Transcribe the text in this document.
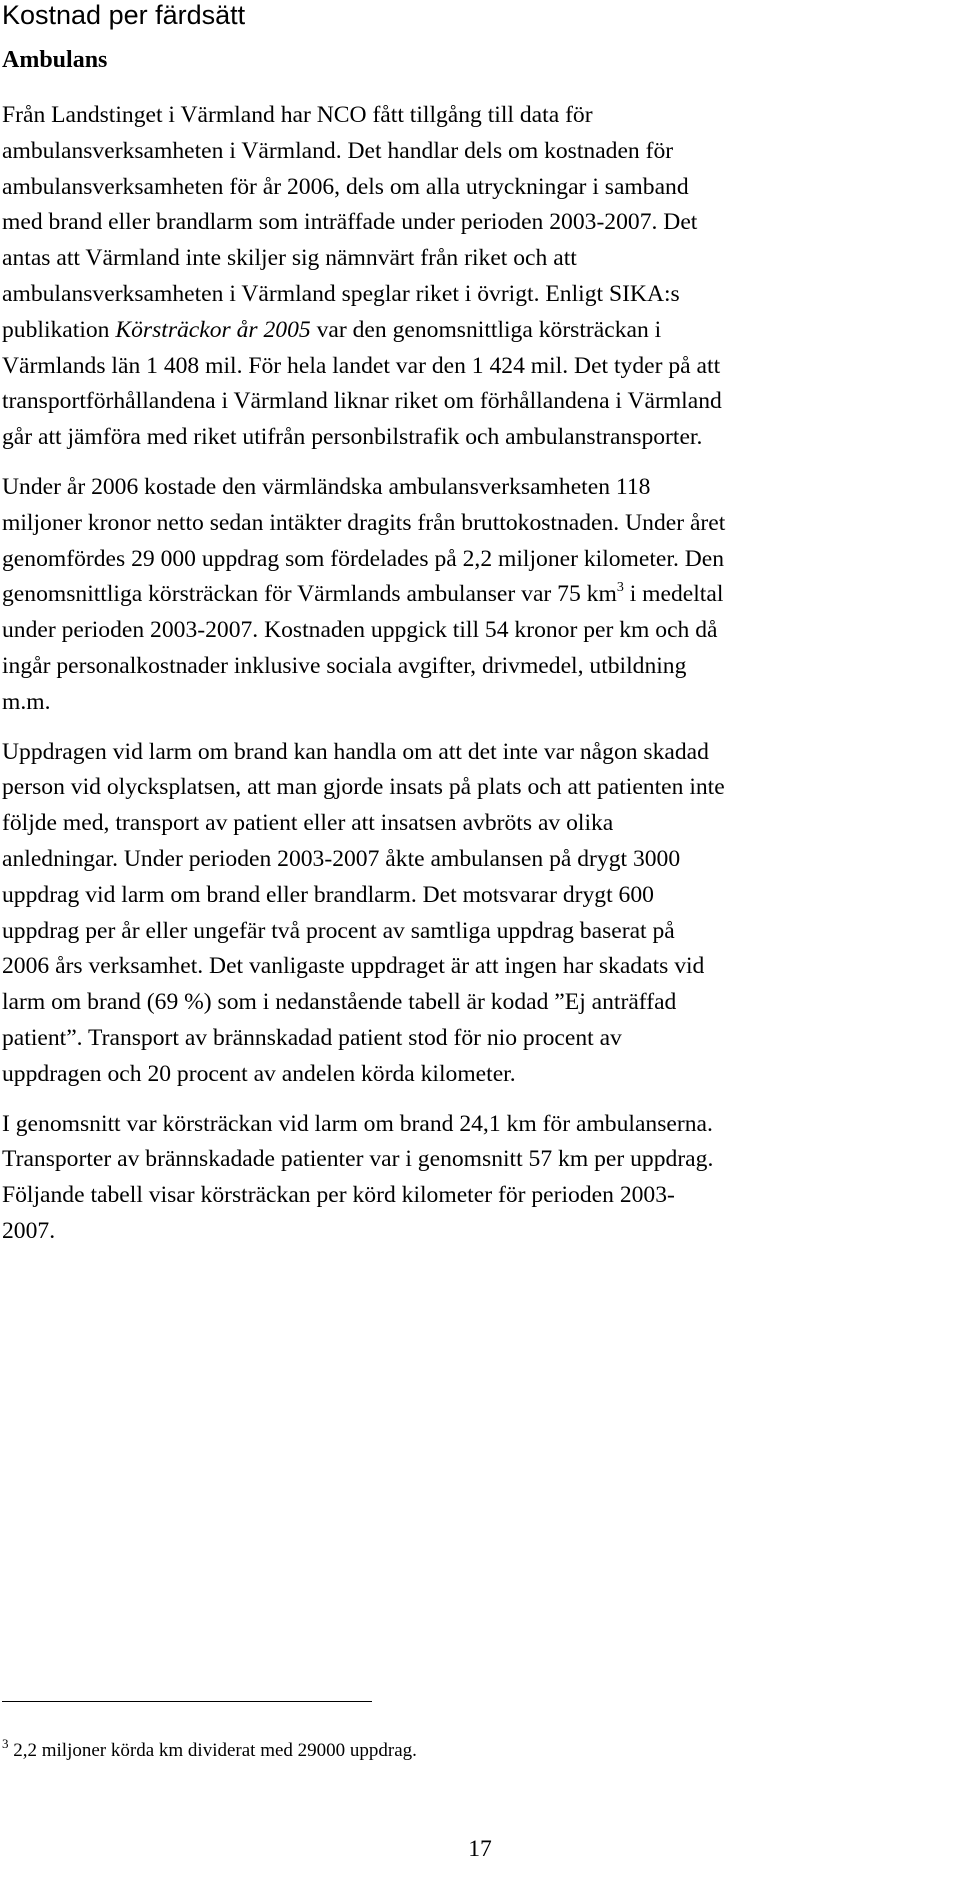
Kostnad per färdsätt
Ambulans

Från Landstinget i Värmland har NCO fått tillgång till data för
ambulansverksamheten i Värmland. Det handlar dels om kostnaden för
ambulansverksamheten för år 2006, dels om alla utryckningar i samband
med brand eller brandlarm som inträffade under perioden 2003-2007. Det
antas att Värmland inte skiljer sig nämnvärt från riket och att
ambulansverksamheten i Värmland speglar riket i övrigt. Enligt SIKA:s
publikation Körsträckor år 2005 var den genomsnittliga körsträckan i
Värmlands län 1 408 mil. För hela landet var den 1 424 mil. Det tyder på att
transportförhållandena i Värmland liknar riket om förhållandena i Värmland
går att jämföra med riket utifrån personbilstrafik och ambulanstransporter.

Under år 2006 kostade den värmländska ambulansverksamheten 118
miljoner kronor netto sedan intäkter dragits från bruttokostnaden. Under året
genomfördes 29 000 uppdrag som fördelades på 2,2 miljoner kilometer. Den
genomsnittliga körsträckan för Värmlands ambulanser var 75 $km^3$ i medeltal
under perioden 2003-2007. Kostnaden uppgick till 54 kronor per km och då
ingår personalkostnader inklusive sociala avgifter, drivmedel, utbildning
m.m.

Uppdragen vid larm om brand kan handla om att det inte var någon skadad
person vid olycksplatsen, att man gjorde insats på plats och att patienten inte
följde med, transport av patient eller att insatsen avbröts av olika
anledningar. Under perioden 2003-2007 åkte ambulansen på drygt 3000
uppdrag vid larm om brand eller brandlarm. Det motsvarar drygt 600
uppdrag per år eller ungefär två procent av samtliga uppdrag baserat på
2006 års verksamhet. Det vanligaste uppdraget är att ingen har skadats vid
larm om brand (69 %) som i nedanstående tabell är kodad ”Ej anträffad
patient”. Transport av brännskadad patient stod för nio procent av
uppdragen och 20 procent av andelen körda kilometer.

I genomsnitt var körsträckan vid larm om brand 24,1 km för ambulanserna.
Transporter av brännskadade patienter var i genomsnitt 57 km per uppdrag.
Följande tabell visar körsträckan per körd kilometer för perioden 2003-
2007.

$^3$ 2,2 miljoner körda km dividerat med 29000 uppdrag.
17
